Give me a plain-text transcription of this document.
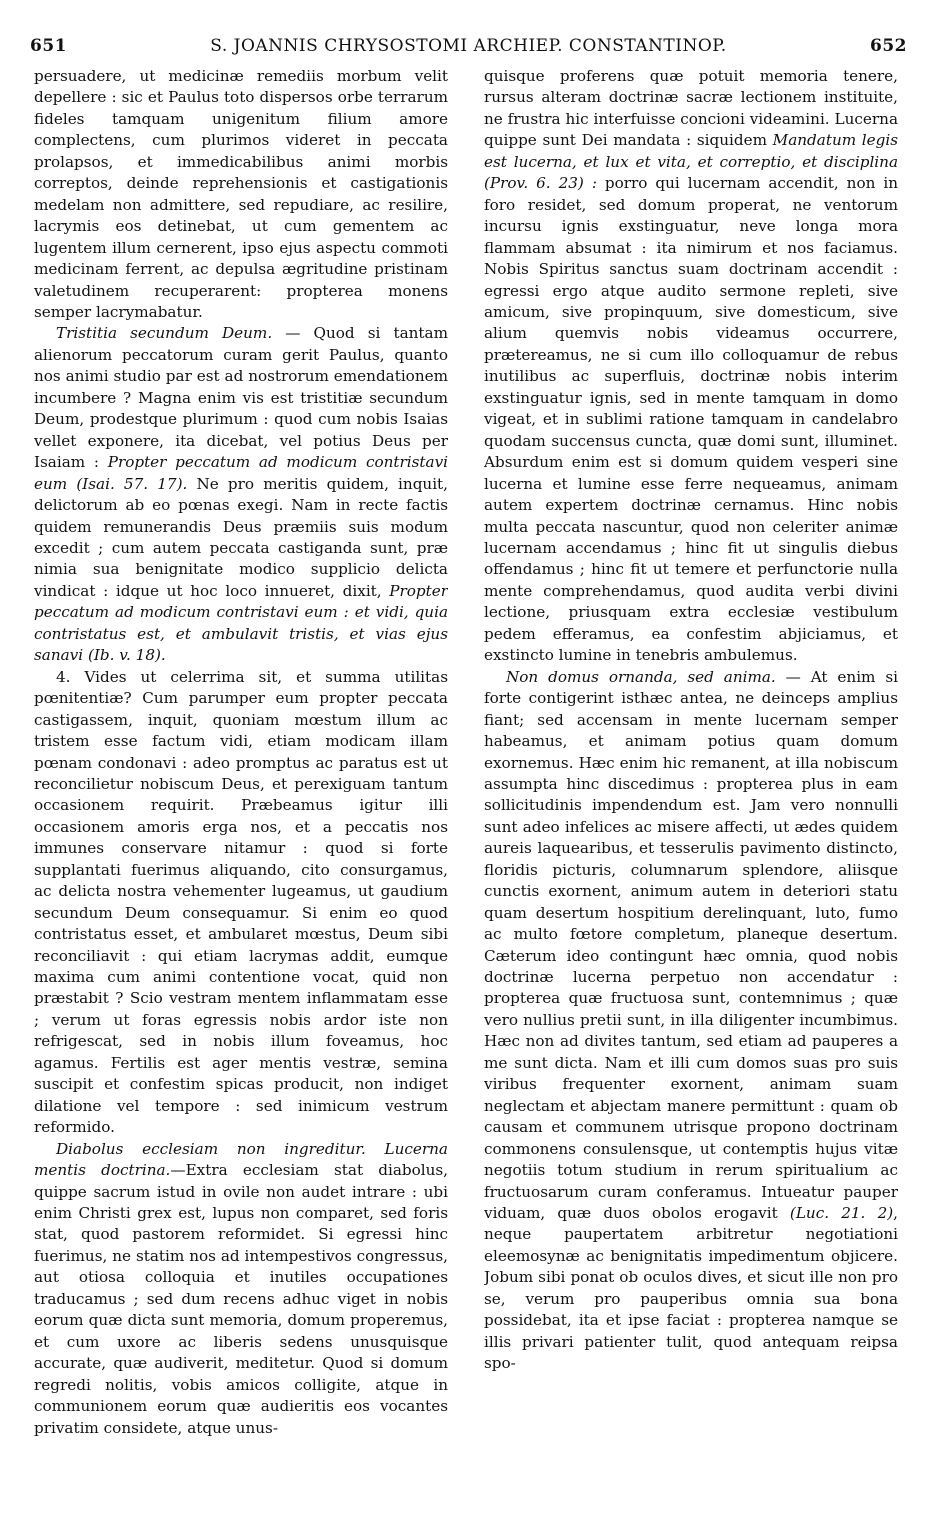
651	S. JOANNIS CHRYSOSTOMI ARCHIEP. CONSTANTINOP.	652

persuadere, ut medicinæ remediis morbum velit depellere : sic et Paulus toto dispersos orbe terrarum fideles tamquam unigenitum filium amore complectens, cum plurimos videret in peccata prolapsos, et immedicabilibus animi morbis correptos, deinde reprehensionis et castigationis medelam non admittere, sed repudiare, ac resilire, lacrymis eos detinebat, ut cum gementem ac lugentem illum cernerent, ipso ejus aspectu commoti medicinam ferrent, ac depulsa ægritudine pristinam valetudinem recuperarent: propterea monens semper lacrymabatur.

Tristitia secundum Deum. — Quod si tantam alienorum peccatorum curam gerit Paulus, quanto nos animi studio par est ad nostrorum emendationem incumbere ? Magna enim vis est tristitiæ secundum Deum, prodestque plurimum : quod cum nobis Isaias vellet exponere, ita dicebat, vel potius Deus per Isaiam : Propter peccatum ad modicum contristavi eum (Isai. 57. 17). Ne pro meritis quidem, inquit, delictorum ab eo pœnas exegi. Nam in recte factis quidem remunerandis Deus præmiis suis modum excedit ; cum autem peccata castiganda sunt, præ nimia sua benignitate modico supplicio delicta vindicat : idque ut hoc loco innueret, dixit, Propter peccatum ad modicum contristavi eum : et vidi, quia contristatus est, et ambulavit tristis, et vias ejus sanavi (Ib. v. 18).

4. Vides ut celerrima sit, et summa utilitas pœnitentiæ? Cum parumper eum propter peccata castigassem, inquit, quoniam mœstum illum ac tristem esse factum vidi, etiam modicam illam pœnam condonavi : adeo promptus ac paratus est ut reconcilietur nobiscum Deus, et perexiguam tantum occasionem requirit. Præbeamus igitur illi occasionem amoris erga nos, et a peccatis nos immunes conservare nitamur : quod si forte supplantati fuerimus aliquando, cito consurgamus, ac delicta nostra vehementer lugeamus, ut gaudium secundum Deum consequamur. Si enim eo quod contristatus esset, et ambularet mœstus, Deum sibi reconciliavit : qui etiam lacrymas addit, eumque maxima cum animi contentione vocat, quid non præstabit ? Scio vestram mentem inflammatam esse ; verum ut foras egressis nobis ardor iste non refrigescat, sed in nobis illum foveamus, hoc agamus. Fertilis est ager mentis vestræ, semina suscipit et confestim spicas producit, non indiget dilatione vel tempore : sed inimicum vestrum reformido.

Diabolus ecclesiam non ingreditur. Lucerna mentis doctrina.—Extra ecclesiam stat diabolus, quippe sacrum istud in ovile non audet intrare : ubi enim Christi grex est, lupus non comparet, sed foris stat, quod pastorem reformidet. Si egressi hinc fuerimus, ne statim nos ad intempestivos congressus, aut otiosa colloquia et inutiles occupationes traducamus ; sed dum recens adhuc viget in nobis eorum quæ dicta sunt memoria, domum properemus, et cum uxore ac liberis sedens unusquisque accurate, quæ audiverit, meditetur. Quod si domum regredi nolitis, vobis amicos colligite, atque in communionem eorum quæ audieritis eos vocantes privatim considete, atque unus-

quisque proferens quæ potuit memoria tenere, rursus alteram doctrinæ sacræ lectionem instituite, ne frustra hic interfuisse concioni videamini. Lucerna quippe sunt Dei mandata : siquidem Mandatum legis est lucerna, et lux et vita, et correptio, et disciplina (Prov. 6. 23) : porro qui lucernam accendit, non in foro residet, sed domum properat, ne ventorum incursu ignis exstinguatur, neve longa mora flammam absumat : ita nimirum et nos faciamus. Nobis Spiritus sanctus suam doctrinam accendit : egressi ergo atque audito sermone repleti, sive amicum, sive propinquum, sive domesticum, sive alium quemvis nobis videamus occurrere, prætereamus, ne si cum illo colloquamur de rebus inutilibus ac superfluis, doctrinæ nobis interim exstinguatur ignis, sed in mente tamquam in domo vigeat, et in sublimi ratione tamquam in candelabro quodam succensus cuncta, quæ domi sunt, illuminet. Absurdum enim est si domum quidem vesperi sine lucerna et lumine esse ferre nequeamus, animam autem expertem doctrinæ cernamus. Hinc nobis multa peccata nascuntur, quod non celeriter animæ lucernam accendamus ; hinc fit ut singulis diebus offendamus ; hinc fit ut temere et perfunctorie nulla mente comprehendamus, quod audita verbi divini lectione, priusquam extra ecclesiæ vestibulum pedem efferamus, ea confestim abjiciamus, et exstincto lumine in tenebris ambulemus.

Non domus ornanda, sed anima. — At enim si forte contigerint isthæc antea, ne deinceps amplius fiant; sed accensam in mente lucernam semper habeamus, et animam potius quam domum exornemus. Hæc enim hic remanent, at illa nobiscum assumpta hinc discedimus : propterea plus in eam sollicitudinis impendendum est. Jam vero nonnulli sunt adeo infelices ac misere affecti, ut ædes quidem aureis laquearibus, et tesserulis pavimento distincto, floridis picturis, columnarum splendore, aliisque cunctis exornent, animum autem in deteriori statu quam desertum hospitium derelinquant, luto, fumo ac multo fœtore completum, planeque desertum. Cæterum ideo contingunt hæc omnia, quod nobis doctrinæ lucerna perpetuo non accendatur : propterea quæ fructuosa sunt, contemnimus ; quæ vero nullius pretii sunt, in illa diligenter incumbimus. Hæc non ad divites tantum, sed etiam ad pauperes a me sunt dicta. Nam et illi cum domos suas pro suis viribus frequenter exornent, animam suam neglectam et abjectam manere permittunt : quam ob causam et communem utrisque propono doctrinam commonens consulensque, ut contemptis hujus vitæ negotiis totum studium in rerum spiritualium ac fructuosarum curam conferamus. Intueatur pauper viduam, quæ duos obolos erogavit (Luc. 21. 2), neque paupertatem arbitretur negotiationi eleemosynæ ac benignitatis impedimentum objicere. Jobum sibi ponat ob oculos dives, et sicut ille non pro se, verum pro pauperibus omnia sua bona possidebat, ita et ipse faciat : propterea namque se illis privari patienter tulit, quod antequam reipsa spo-
